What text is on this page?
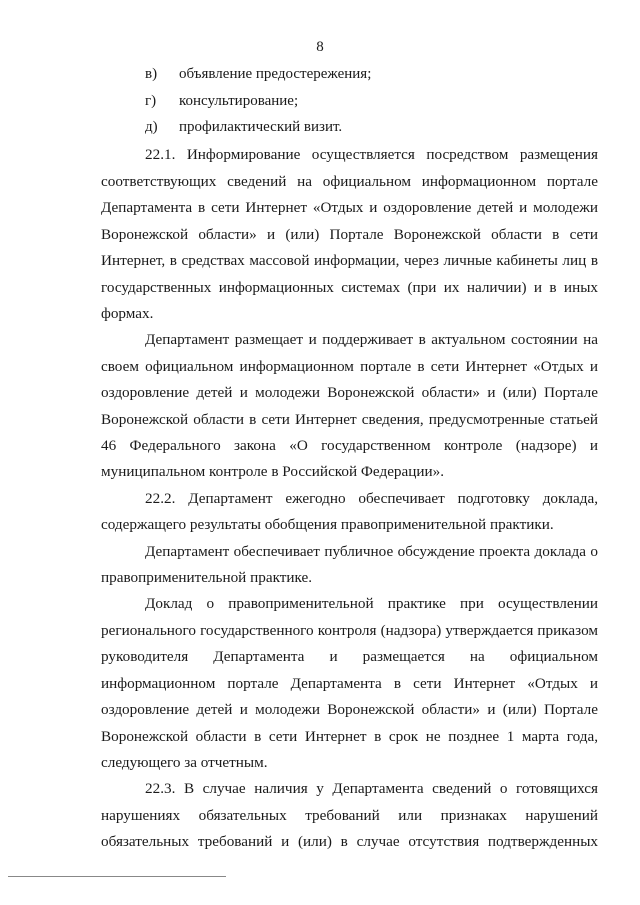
8
в) объявление предостережения;
г) консультирование;
д) профилактический визит.
22.1. Информирование осуществляется посредством размещения
соответствующих сведений на официальном информационном портале
Департамента в сети Интернет «Отдых и оздоровление детей и молодежи
Воронежской области» и (или) Портале Воронежской области в сети
Интернет, в средствах массовой информации, через личные кабинеты лиц в
государственных информационных системах (при их наличии) и в иных
формах.
Департамент размещает и поддерживает в актуальном состоянии на
своем официальном информационном портале в сети Интернет «Отдых и
оздоровление детей и молодежи Воронежской области» и (или) Портале
Воронежской области в сети Интернет сведения, предусмотренные статьей
46 Федерального закона «О государственном контроле (надзоре) и
муниципальном контроле в Российской Федерации».
22.2. Департамент ежегодно обеспечивает подготовку доклада,
содержащего результаты обобщения правоприменительной практики.
Департамент обеспечивает публичное обсуждение проекта доклада о
правоприменительной практике.
Доклад о правоприменительной практике при осуществлении
регионального государственного контроля (надзора) утверждается приказом
руководителя Департамента и размещается на официальном
информационном портале Департамента в сети Интернет «Отдых и
оздоровление детей и молодежи Воронежской области» и (или) Портале
Воронежской области в сети Интернет в срок не позднее 1 марта года,
следующего за отчетным.
22.3. В случае наличия у Департамента сведений о готовящихся
нарушениях обязательных требований или признаках нарушений
обязательных требований и (или) в случае отсутствия подтвержденных
